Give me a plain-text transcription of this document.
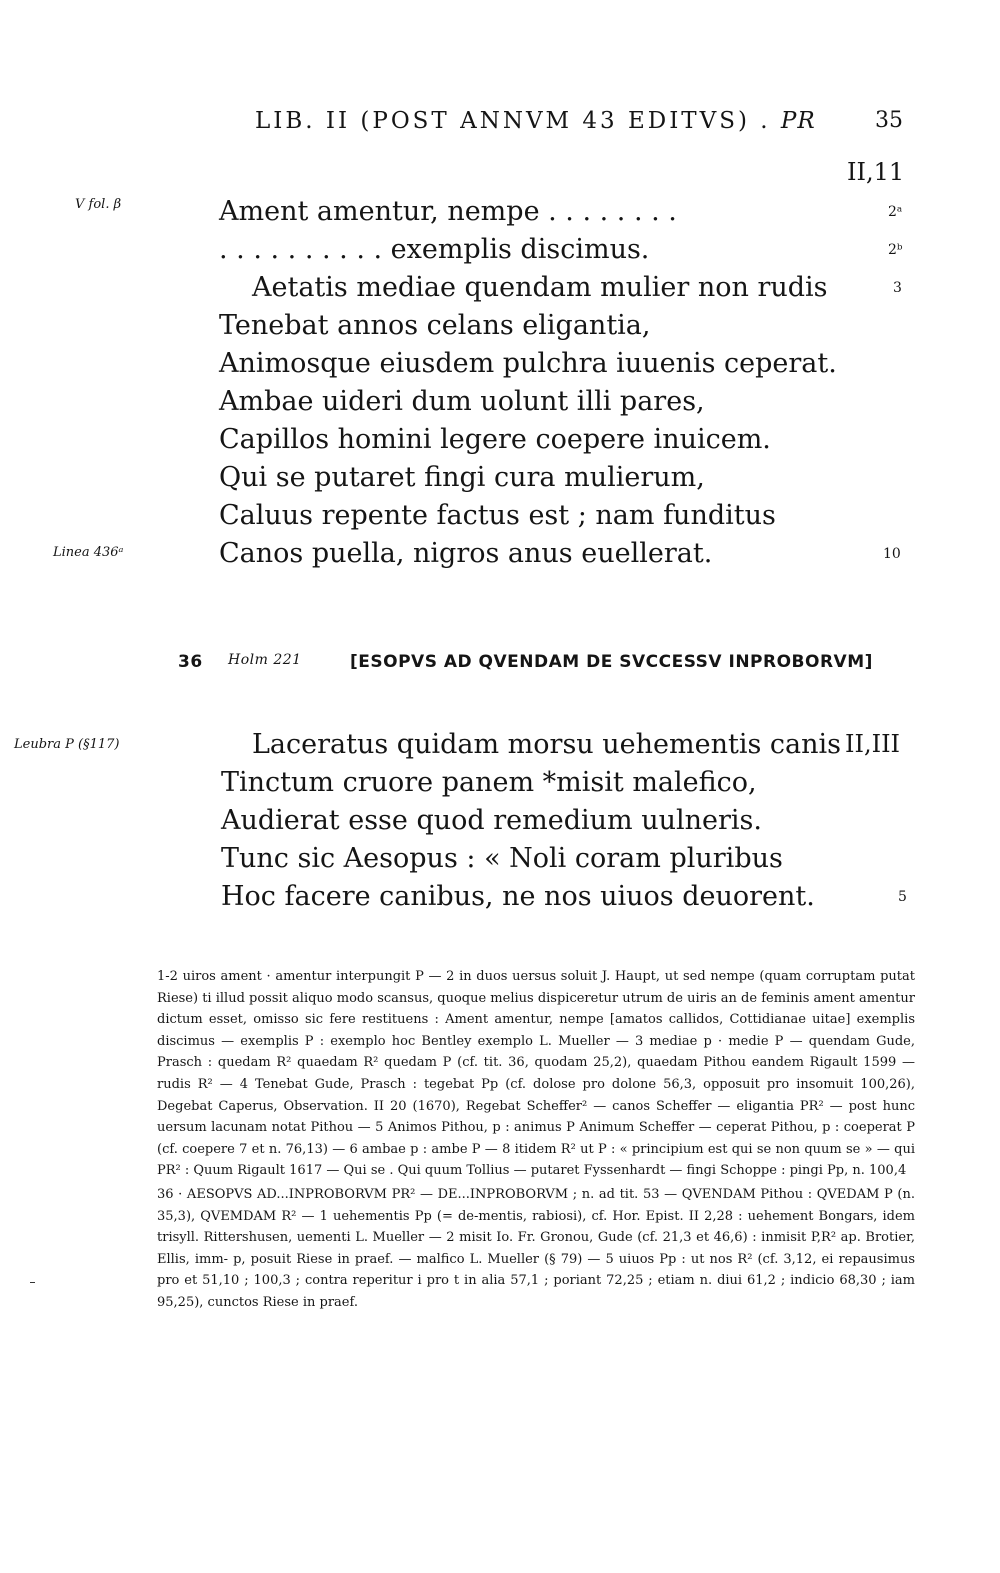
LIB. II (POST ANNVM 43 EDITVS) . PR	35
II,11
V fol. β
Linea 436ᵃ
Ament amentur, nempe . . . . . . . .	2ᵃ
. . . . . . . . . . exemplis discimus.	2ᵇ
Aetatis mediae quendam mulier non rudis	3
Tenebat annos celans eligantia,
Animosque eiusdem pulchra iuuenis ceperat.
Ambae uideri dum uolunt illi pares,
Capillos homini legere coepere inuicem.
Qui se putaret fingi cura mulierum,
Caluus repente factus est ; nam funditus
Canos puella, nigros anus euellerat.	10
36 Holm 221	[ESOPVS AD QVENDAM DE SVCCESSV INPROBORVM]
Leubra P (§117)	II,III
Laceratus quidam morsu uehementis canis
Tinctum cruore panem *misit malefico,
Audierat esse quod remedium uulneris.
Tunc sic Aesopus : « Noli coram pluribus
Hoc facere canibus, ne nos uiuos deuorent.	5

1-2 uiros ament · amentur interpungit P — 2 in duos uersus soluit J. Haupt, ut sed nempe (quam corruptam putat Riese) ti illud possit aliquo modo scansus, quoque melius dispiceretur utrum de uiris an de feminis ament amentur dictum esset, omisso sic fere restituens : Ament amentur, nempe [amatos callidos, Cottidianae uitae] exemplis discimus — exemplis P : exemplo hoc Bentley exemplo L. Mueller — 3 mediae p · medie P — quendam Gude, Prasch : quedam R² quaedam R² quedam P (cf. tit. 36, quodam 25,2), quaedam Pithou eandem Rigault 1599 — rudis R² — 4 Tenebat Gude, Prasch : tegebat Pp (cf. dolose pro dolone 56,3, opposuit pro insomuit 100,26), Degebat Caperus, Observation. II 20 (1670), Regebat Scheffer² — canos Scheffer — eligantia PR² — post hunc uersum lacunam notat Pithou — 5 Animos Pithou, p : animus P Animum Scheffer — ceperat Pithou, p : coeperat P (cf. coepere 7 et n. 76,13) — 6 ambae p : ambe P — 8 itidem R² ut P : « principium est qui se non quum se » — qui PR² : Quum Rigault 1617 — Qui se . Qui quum Tollius — putaret Fyssenhardt — fingi Schoppe : pingi Pp, n. 100,4

36 · AESOPVS AD...INPROBORVM PR² — DE...INPROBORVM ; n. ad tit. 53 — QVENDAM Pithou : QVEDAM P (n. 35,3), QVEMDAM R² — 1 uehementis Pp (= de-mentis, rabiosi), cf. Hor. Epist. II 2,28 : uehement Bongars, idem trisyll. Rittershusen, uementi L. Mueller — 2 misit Io. Fr. Gronou, Gude (cf. 21,3 et 46,6) : inmisit P,R² ap. Brotier, Ellis, imm- p, posuit Riese in praef. — malfico L. Mueller (§ 79) — 5 uiuos Pp : ut nos R² (cf. 3,12, ei repausimus pro et 51,10 ; 100,3 ; contra reperitur i pro t in alia 57,1 ; poriant 72,25 ; etiam n. diui 61,2 ; indicio 68,30 ; iam 95,25), cunctos Riese in praef.
